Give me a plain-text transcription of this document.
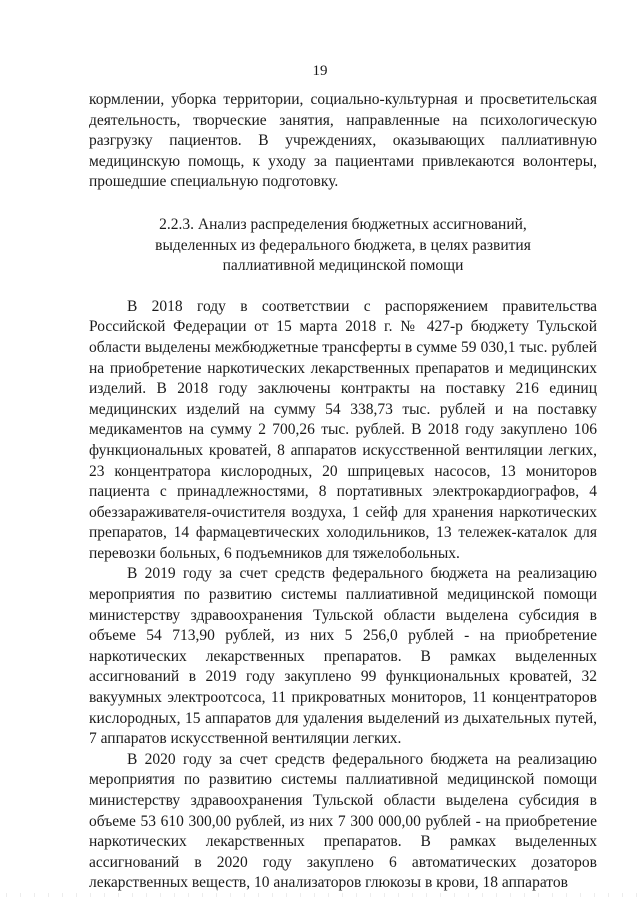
19

кормлении, уборка территории, социально-культурная и просветительская деятельность, творческие занятия, направленные на психологическую разгрузку пациентов. В учреждениях, оказывающих паллиативную медицинскую помощь, к уходу за пациентами привлекаются волонтеры, прошедшие специальную подготовку.

2.2.3. Анализ распределения бюджетных ассигнований,
выделенных из федерального бюджета, в целях развития
паллиативной медицинской помощи

В 2018 году в соответствии с распоряжением правительства Российской Федерации от 15 марта 2018 г. № 427-р бюджету Тульской области выделены межбюджетные трансферты в сумме 59 030,1 тыс. рублей на приобретение наркотических лекарственных препаратов и медицинских изделий. В 2018 году заключены контракты на поставку 216 единиц медицинских изделий на сумму 54 338,73 тыс. рублей и на поставку медикаментов на сумму 2 700,26 тыс. рублей. В 2018 году закуплено 106 функциональных кроватей, 8 аппаратов искусственной вентиляции легких, 23 концентратора кислородных, 20 шприцевых насосов, 13 мониторов пациента с принадлежностями, 8 портативных электрокардиографов, 4 обеззараживателя-очистителя воздуха, 1 сейф для хранения наркотических препаратов, 14 фармацевтических холодильников, 13 тележек-каталок для перевозки больных, 6 подъемников для тяжелобольных.

В 2019 году за счет средств федерального бюджета на реализацию мероприятия по развитию системы паллиативной медицинской помощи министерству здравоохранения Тульской области выделена субсидия в объеме 54 713,90 рублей, из них 5 256,0 рублей - на приобретение наркотических лекарственных препаратов. В рамках выделенных ассигнований в 2019 году закуплено 99 функциональных кроватей, 32 вакуумных электроотсоса, 11 прикроватных мониторов, 11 концентраторов кислородных, 15 аппаратов для удаления выделений из дыхательных путей, 7 аппаратов искусственной вентиляции легких.

В 2020 году за счет средств федерального бюджета на реализацию мероприятия по развитию системы паллиативной медицинской помощи министерству здравоохранения Тульской области выделена субсидия в объеме 53 610 300,00 рублей, из них 7 300 000,00 рублей - на приобретение наркотических лекарственных препаратов. В рамках выделенных ассигнований в 2020 году закуплено 6 автоматических дозаторов лекарственных веществ, 10 анализаторов глюкозы в крови, 18 аппаратов
